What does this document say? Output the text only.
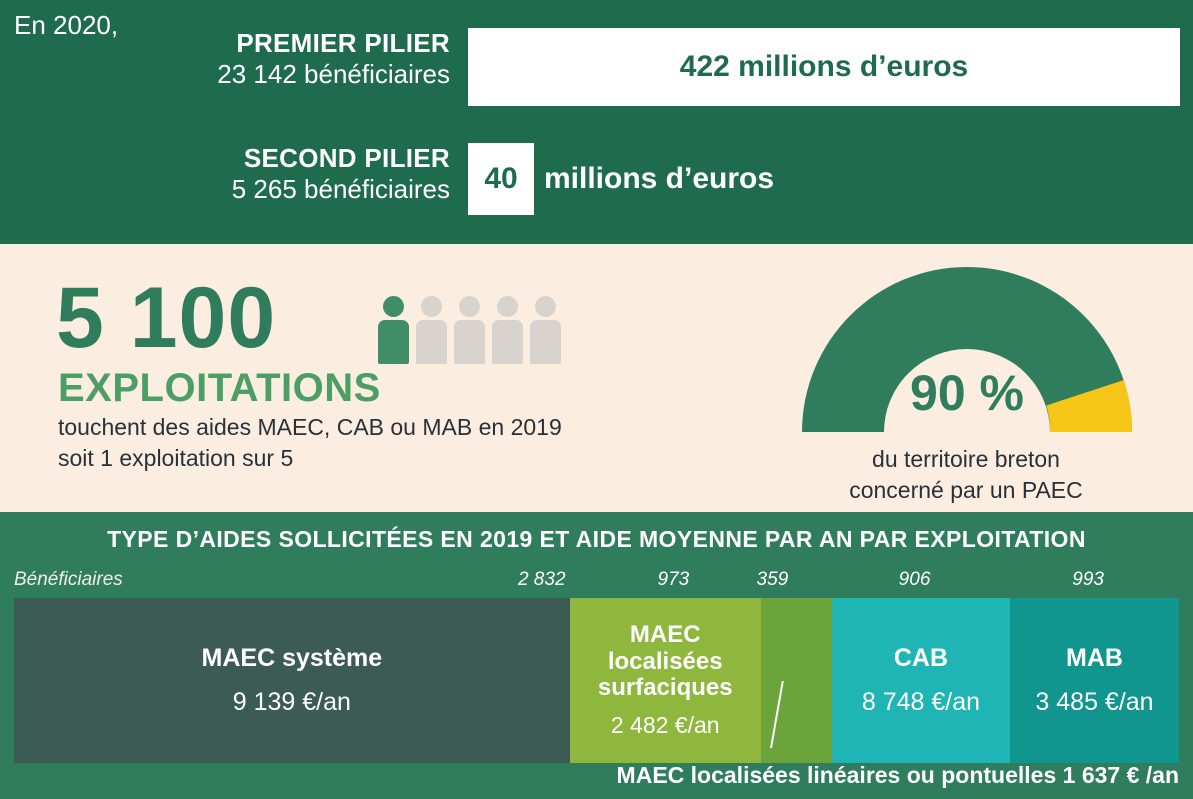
En 2020,
PREMIER PILIER
23 142 bénéficiaires	422 millions d’euros
SECOND PILIER
5 265 bénéficiaires	40 millions d’euros
5 100
EXPLOITATIONS
touchent des aides MAEC, CAB ou MAB en 2019
soit 1 exploitation sur 5
90 %
du territoire breton
concerné par un PAEC
TYPE D’AIDES SOLLICITÉES EN 2019 ET AIDE MOYENNE PAR AN PAR EXPLOITATION
Bénéficiaires	2 832	973	359	906	993
MAEC système
9 139 €/an
MAEC
localisées
surfaciques
2 482 €/an
CAB
8 748 €/an
MAB
3 485 €/an
MAEC localisées linéaires ou pontuelles 1 637 € /an
